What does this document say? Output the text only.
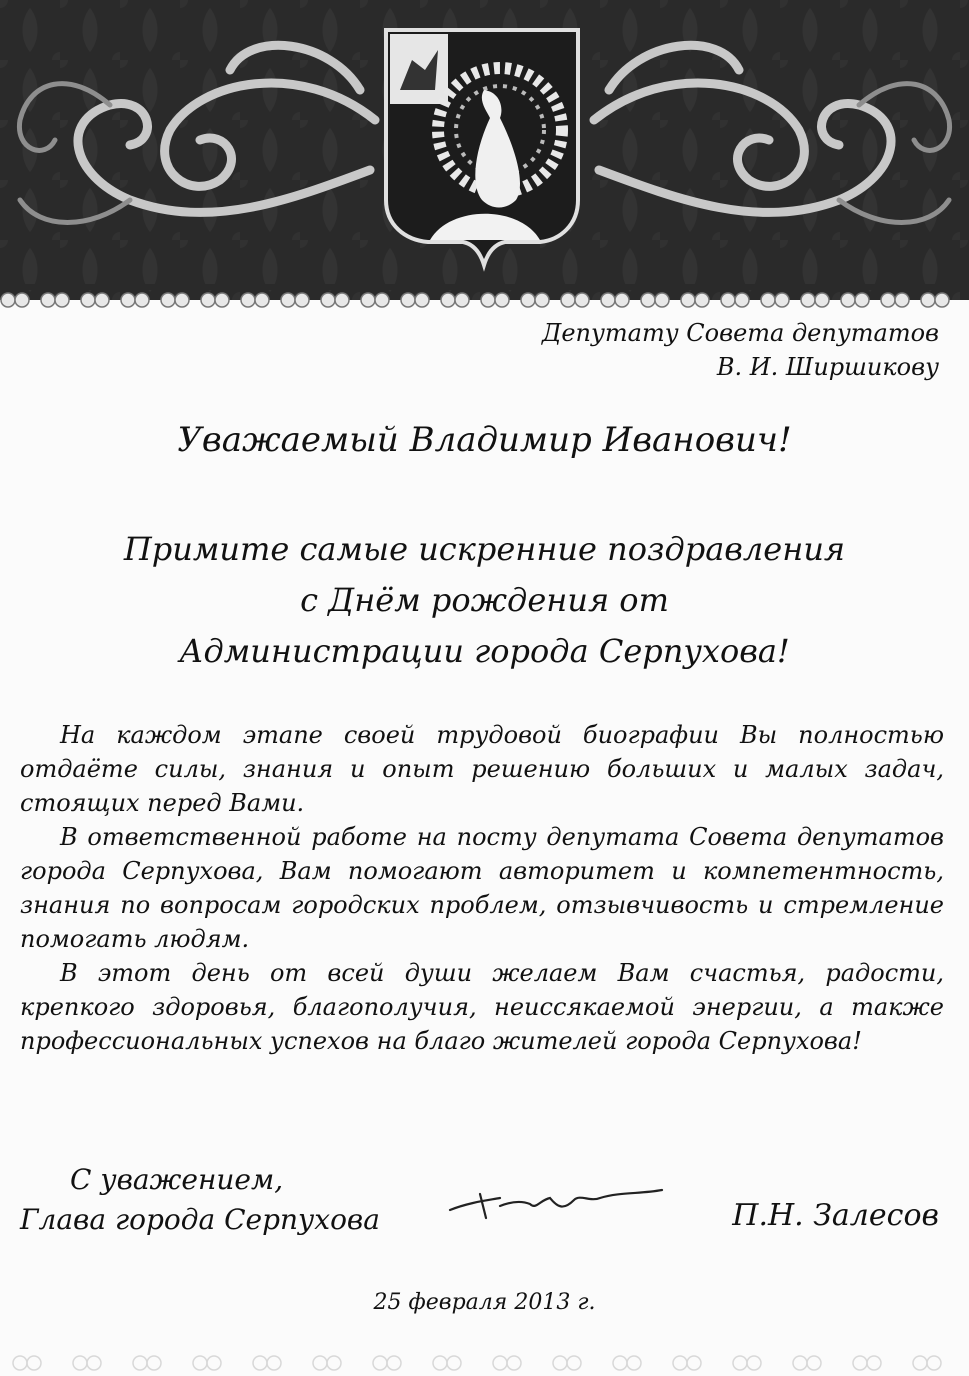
Депутату Совета депутатов
В. И. Ширшикову
Уважаемый Владимир Иванович!
Примите самые искренние поздравления
с Днём рождения от
Администрации города Серпухова!

На каждом этапе своей трудовой биографии Вы полностью отдаёте силы, знания и опыт решению больших и малых задач, стоящих перед Вами.

В ответственной работе на посту депутата Совета депутатов города Серпухова, Вам помогают авторитет и компетентность, знания по вопросам городских проблем, отзывчивость и стремление помогать людям.

В этот день от всей души желаем Вам счастья, радости, крепкого здоровья, благополучия, неиссякаемой энергии, а также профессиональных успехов на благо жителей города Серпухова!

С уважением,
Глава города Серпухова	П.Н. Залесов
25 февраля 2013 г.
